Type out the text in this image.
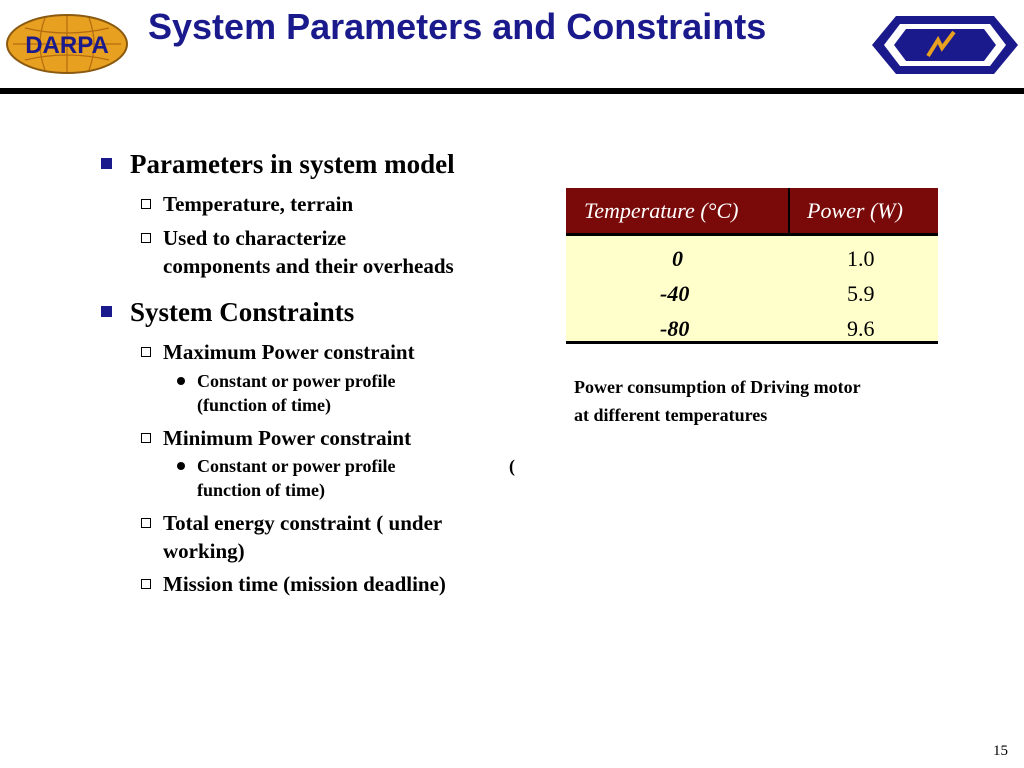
DARPA System Parameters and Constraints	PACC
Parameters in system model
Temperature, terrain
Used to characterize
components and their overheads
System Constraints
Maximum Power constraint
Constant or power profile
(function of time)
Minimum Power constraint
Constant or power profile
function of time)
(
Total energy constraint ( under
working)
Mission time (mission deadline)
Temperature (°C)	Power (W)
0	1.0
-40	5.9
-80	9.6
Power consumption of Driving motor
at different temperatures
15
